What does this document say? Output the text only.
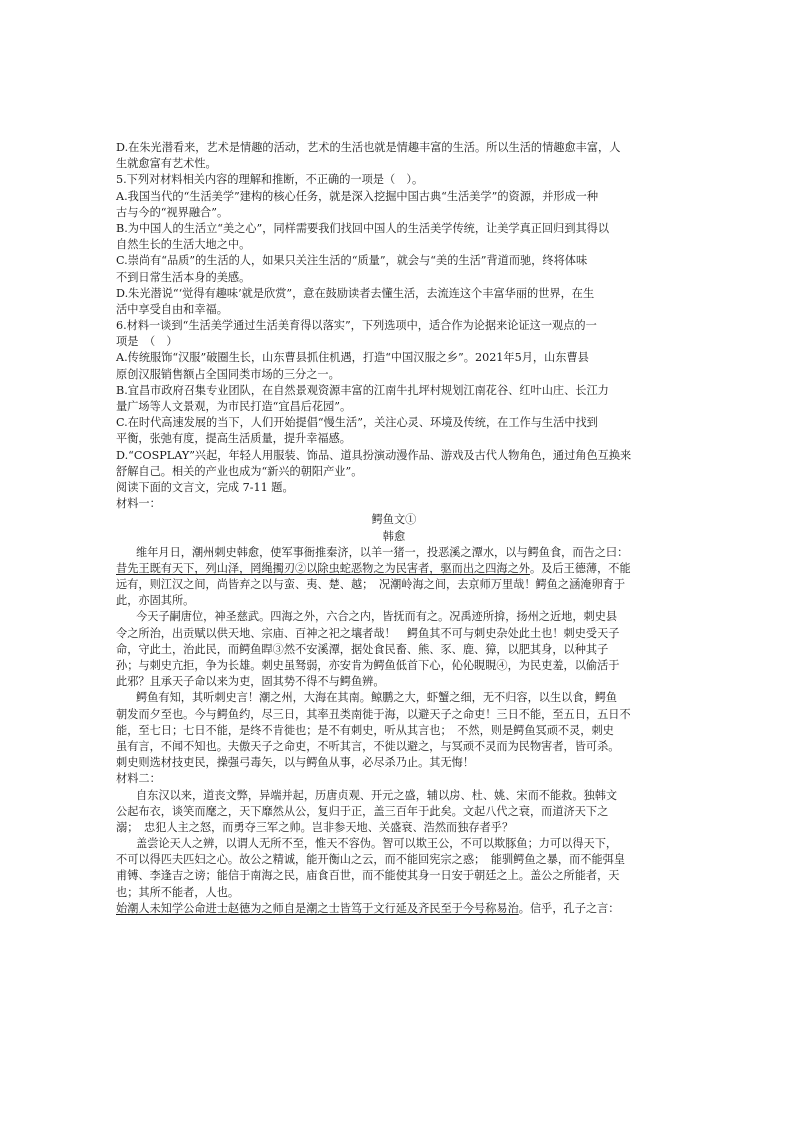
D.在朱光潜看来，艺术是情趣的活动，艺术的生活也就是情趣丰富的生活。所以生活的情趣愈丰富，人
生就愈富有艺术性。
5.下列对材料相关内容的理解和推断，不正确的一项是（　）。
A.我国当代的“生活美学”建构的核心任务，就是深入挖掘中国古典“生活美学”的资源，并形成一种
古与今的“视界融合”。
B.为中国人的生活立“美之心”，同样需要我们找回中国人的生活美学传统，让美学真正回归到其得以
自然生长的生活大地之中。
C.崇尚有“品质”的生活的人，如果只关注生活的“质量”，就会与“美的生活”背道而驰，终将体味
不到日常生活本身的美感。
D.朱光潜说“‘觉得有趣味’就是欣赏”，意在鼓励读者去懂生活，去流连这个丰富华丽的世界，在生
活中享受自由和幸福。
6.材料一谈到“生活美学通过生活美育得以落实”，下列选项中，适合作为论据来论证这一观点的一
项是　（　）
A.传统服饰“汉服”破圈生长，山东曹县抓住机遇，打造“中国汉服之乡”。2021年5月，山东曹县
原创汉服销售额占全国同类市场的三分之一。
B.宜昌市政府召集专业团队，在自然景观资源丰富的江南牛扎坪村规划江南花谷、红叶山庄、长江力
量广场等人文景观，为市民打造“宜昌后花园”。
C.在时代高速发展的当下，人们开始提倡“慢生活”，关注心灵、环境及传统，在工作与生活中找到
平衡，张弛有度，提高生活质量，提升幸福感。
D.“COSPLAY”兴起，年轻人用服装、饰品、道具扮演动漫作品、游戏及古代人物角色，通过角色互换来
舒解自己。相关的产业也成为“新兴的朝阳产业”。
阅读下面的文言文，完成 7-11 题。
材料一：
鳄鱼文①
韩愈
维年月日，潮州刺史韩愈，使军事衙推秦济，以羊一猪一，投恶溪之潭水，以与鳄鱼食，而告之曰：
昔先王既有天下，列山泽，罔绳擉刃②以除虫蛇恶物之为民害者，驱而出之四海之外。及后王德薄，不能
远有，则江汉之间，尚皆弃之以与蛮、夷、楚、越；　况潮岭海之间，去京师万里哉！鳄鱼之涵淹卵育于
此，亦固其所。
今天子嗣唐位，神圣慈武。四海之外，六合之内，皆抚而有之。况禹迹所揜，扬州之近地，刺史县
令之所治，出贡赋以供天地、宗庙、百神之祀之壤者哉！　鳄鱼其不可与刺史杂处此土也！刺史受天子
命，守此土，治此民，而鳄鱼睅③然不安溪潭，据处食民畜、熊、豕、鹿、獐，以肥其身，以种其子
孙；与刺史亢拒，争为长雄。刺史虽驽弱，亦安肯为鳄鱼低首下心，伈伈睍睍④，为民吏羞，以偷活于
此邪？且承天子命以来为吏，固其势不得不与鳄鱼辨。
鳄鱼有知，其听刺史言！潮之州，大海在其南。鲸鹏之大，虾蟹之细，无不归容，以生以食，鳄鱼
朝发而夕至也。今与鳄鱼约，尽三日，其率丑类南徙于海，以避天子之命吏！三日不能，至五日，五日不
能，至七日；七日不能，是终不肯徙也；是不有刺史，听从其言也；　不然，则是鳄鱼冥顽不灵，刺史
虽有言，不闻不知也。夫傲天子之命吏，不听其言，不徙以避之，与冥顽不灵而为民物害者，皆可杀。
刺史则选材技吏民，操强弓毒矢，以与鳄鱼从事，必尽杀乃止。其无悔！
材料二：
自东汉以来，道丧文弊，异端并起，历唐贞观、开元之盛，辅以房、杜、姚、宋而不能救。独韩文
公起布衣，谈笑而麾之，天下靡然从公，复归于正，盖三百年于此矣。文起八代之衰，而道济天下之
溺；　忠犯人主之怒，而勇夺三军之帅。岂非参天地、关盛衰、浩然而独存者乎？
盖尝论天人之辨，以谓人无所不至，惟天不容伪。智可以欺王公，不可以欺豚鱼；力可以得天下，
不可以得匹夫匹妇之心。故公之精诚，能开衡山之云，而不能回宪宗之惑；　能驯鳄鱼之暴，而不能弭皇
甫镈、李逢吉之谤；能信于南海之民，庙食百世，而不能使其身一日安于朝廷之上。盖公之所能者，天
也；其所不能者，人也。
始潮人未知学公命进士赵德为之师自是潮之士皆笃于文行延及齐民至于今号称易治。信乎，孔子之言：
